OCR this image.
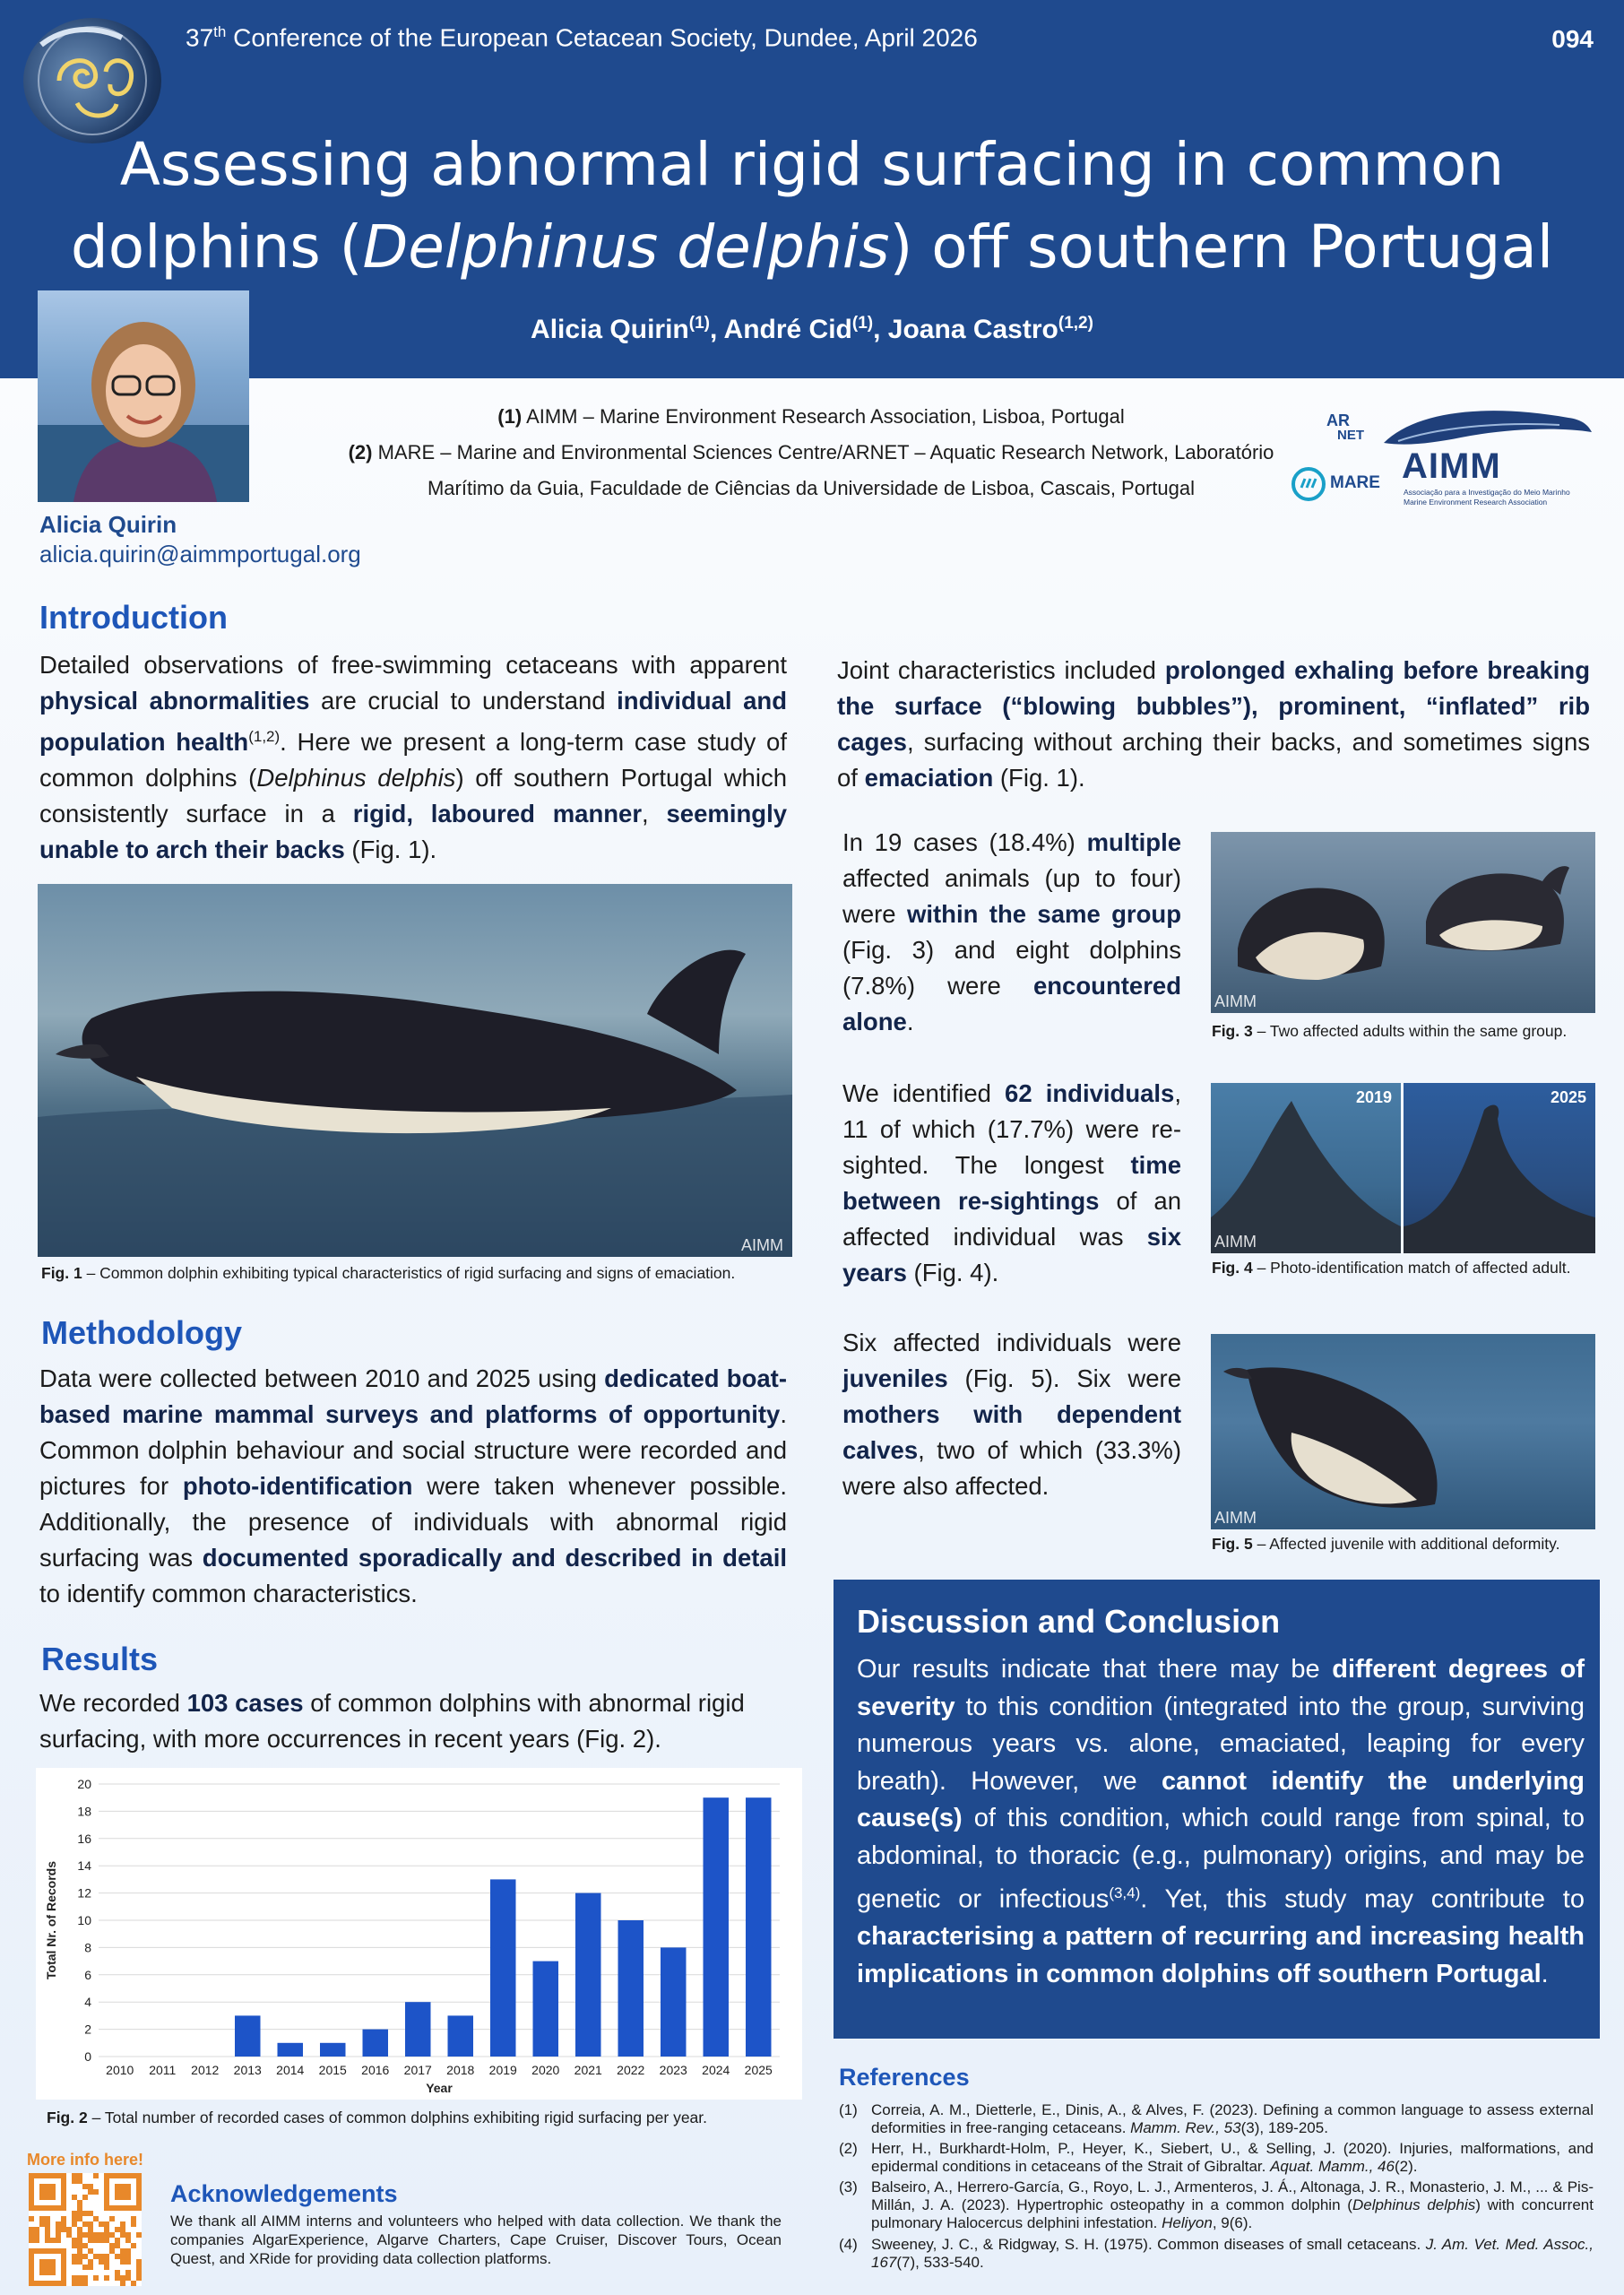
37th Conference of the European Cetacean Society, Dundee, April 2026	094
Assessing abnormal rigid surfacing in common
dolphins (Delphinus delphis) off southern Portugal
Alicia Quirin$^{(1)}$, André Cid$^{(1)}$, Joana Castro$^{(1,2)}$
Alicia Quirin
alicia.quirin@aimmportugal.org
(1) AIMM – Marine Environment Research Association, Lisboa, Portugal
(2) MARE – Marine and Environmental Sciences Centre/ARNET – Aquatic Research Network, Laboratório
Marítimo da Guia, Faculdade de Ciências da Universidade de Lisboa, Cascais, Portugal
AR
NET
MARE AIMM
Associação para a Investigação do Meio Marinho
Marine Environment Research Association
Introduction

Detailed observations of free-swimming cetaceans with apparent physical abnormalities are crucial to understand individual and population health$^{(1,2)}$. Here we present a long-term case study of common dolphins (Delphinus delphis) off southern Portugal which consistently surface in a rigid, laboured manner, seemingly unable to arch their backs (Fig. 1).

AIMM
Fig. 1 – Common dolphin exhibiting typical characteristics of rigid surfacing and signs of emaciation.
Methodology

Data were collected between 2010 and 2025 using dedicated boat-based marine mammal surveys and platforms of opportunity. Common dolphin behaviour and social structure were recorded and pictures for photo-identification were taken whenever possible. Additionally, the presence of individuals with abnormal rigid surfacing was documented sporadically and described in detail to identify common characteristics.

Results

We recorded 103 cases of common dolphins with abnormal rigid surfacing, with more occurrences in recent years (Fig. 2).

0
2
4
6
8
10
12
14
16
18
20
2010 2011 2012 2013 2014 2015 2016 2017 2018 2019 2020 2021 2022 2023 2024 2025
Total Nr. of Records
Year
Fig. 2 – Total number of recorded cases of common dolphins exhibiting rigid surfacing per year.

Joint characteristics included prolonged exhaling before breaking the surface (“blowing bubbles”), prominent, “inflated” rib cages, surfacing without arching their backs, and sometimes signs of emaciation (Fig. 1).

In 19 cases (18.4%) multiple affected animals (up to four) were within the same group (Fig. 3) and eight dolphins (7.8%) were encountered alone.

AIMM
Fig. 3 – Two affected adults within the same group.

We identified 62 individuals, 11 of which (17.7%) were re-sighted. The longest time between re-sightings of an affected individual was six years (Fig. 4).

2019
AIMM
2025
Fig. 4 – Photo-identification match of affected adult.

Six affected individuals were juveniles (Fig. 5). Six were mothers with dependent calves, two of which (33.3%) were also affected.

AIMM
Fig. 5 – Affected juvenile with additional deformity.
Discussion and Conclusion

Our results indicate that there may be different degrees of severity to this condition (integrated into the group, surviving numerous years vs. alone, emaciated, leaping for every breath). However, we cannot identify the underlying cause(s) of this condition, which could range from spinal, to abdominal, to thoracic (e.g., pulmonary) origins, and may be genetic or infectious$^{(3,4)}$. Yet, this study may contribute to characterising a pattern of recurring and increasing health implications in common dolphins off southern Portugal.

References
(1) Correia, A. M., Dietterle, E., Dinis, A., & Alves, F. (2023). Defining a common language to assess external deformities in free-ranging cetaceans. Mamm. Rev., 53(3), 189-205.
(2) Herr, H., Burkhardt-Holm, P., Heyer, K., Siebert, U., & Selling, J. (2020). Injuries, malformations, and epidermal conditions in cetaceans of the Strait of Gibraltar. Aquat. Mamm., 46(2).
(3) Balseiro, A., Herrero-García, G., Royo, L. J., Armenteros, J. Á., Altonaga, J. R., Monasterio, J. M., ... & Pis-Millán, J. A. (2023). Hypertrophic osteopathy in a common dolphin (Delphinus delphis) with concurrent pulmonary Halocercus delphini infestation. Heliyon, 9(6).
(4) Sweeney, J. C., & Ridgway, S. H. (1975). Common diseases of small cetaceans. J. Am. Vet. Med. Assoc., 167(7), 533-540.
More info here!
Acknowledgements

We thank all AIMM interns and volunteers who helped with data collection. We thank the companies AlgarExperience, Algarve Charters, Cape Cruiser, Discover Tours, Ocean Quest, and XRide for providing data collection platforms.
